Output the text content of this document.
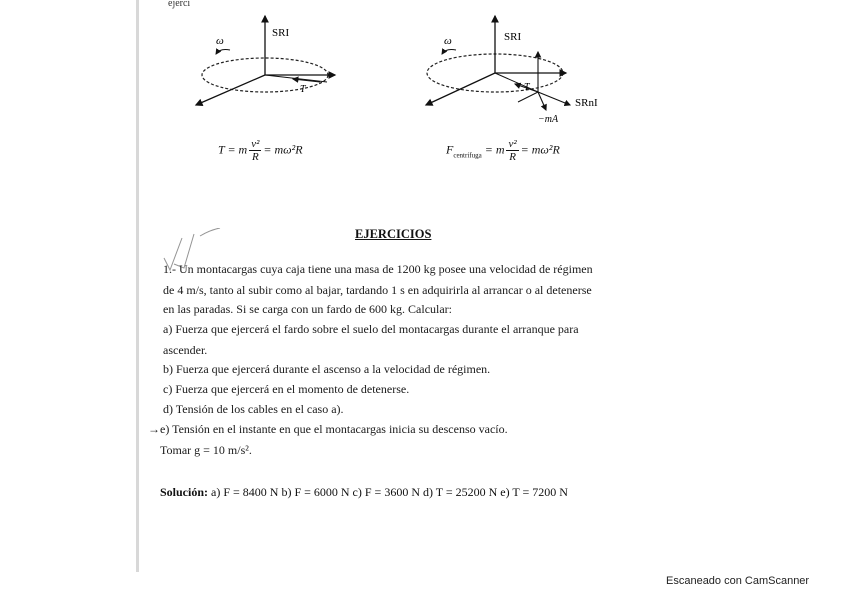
ejerci
ω⃗
SRI
T⃗
ω⃗	SRI
SRnI
T⃗
−mA⃗
T = m $\frac{\text{v²}}{R} = m\omega^2R$	$F_{centrífuga} = m \frac{\text{v²}}{R} = m\omega^2R$
EJERCICIOS
1.- Un montacargas cuya caja tiene una masa de 1200 kg posee una velocidad de régimen
de 4 m/s, tanto al subir como al bajar, tardando 1 s en adquirirla al arrancar o al detenerse
en las paradas. Si se carga con un fardo de 600 kg. Calcular:
a) Fuerza que ejercerá el fardo sobre el suelo del montacargas durante el arranque para
ascender.
b) Fuerza que ejercerá durante el ascenso a la velocidad de régimen.
c) Fuerza que ejercerá en el momento de detenerse.
d) Tensión de los cables en el caso a).
→e) Tensión en el instante en que el montacargas inicia su descenso vacío.
Tomar g = 10 m/s².
Solución: a) F = 8400 N b) F = 6000 N c) F = 3600 N d) T = 25200 N e) T = 7200 N
Escaneado con CamScanner
